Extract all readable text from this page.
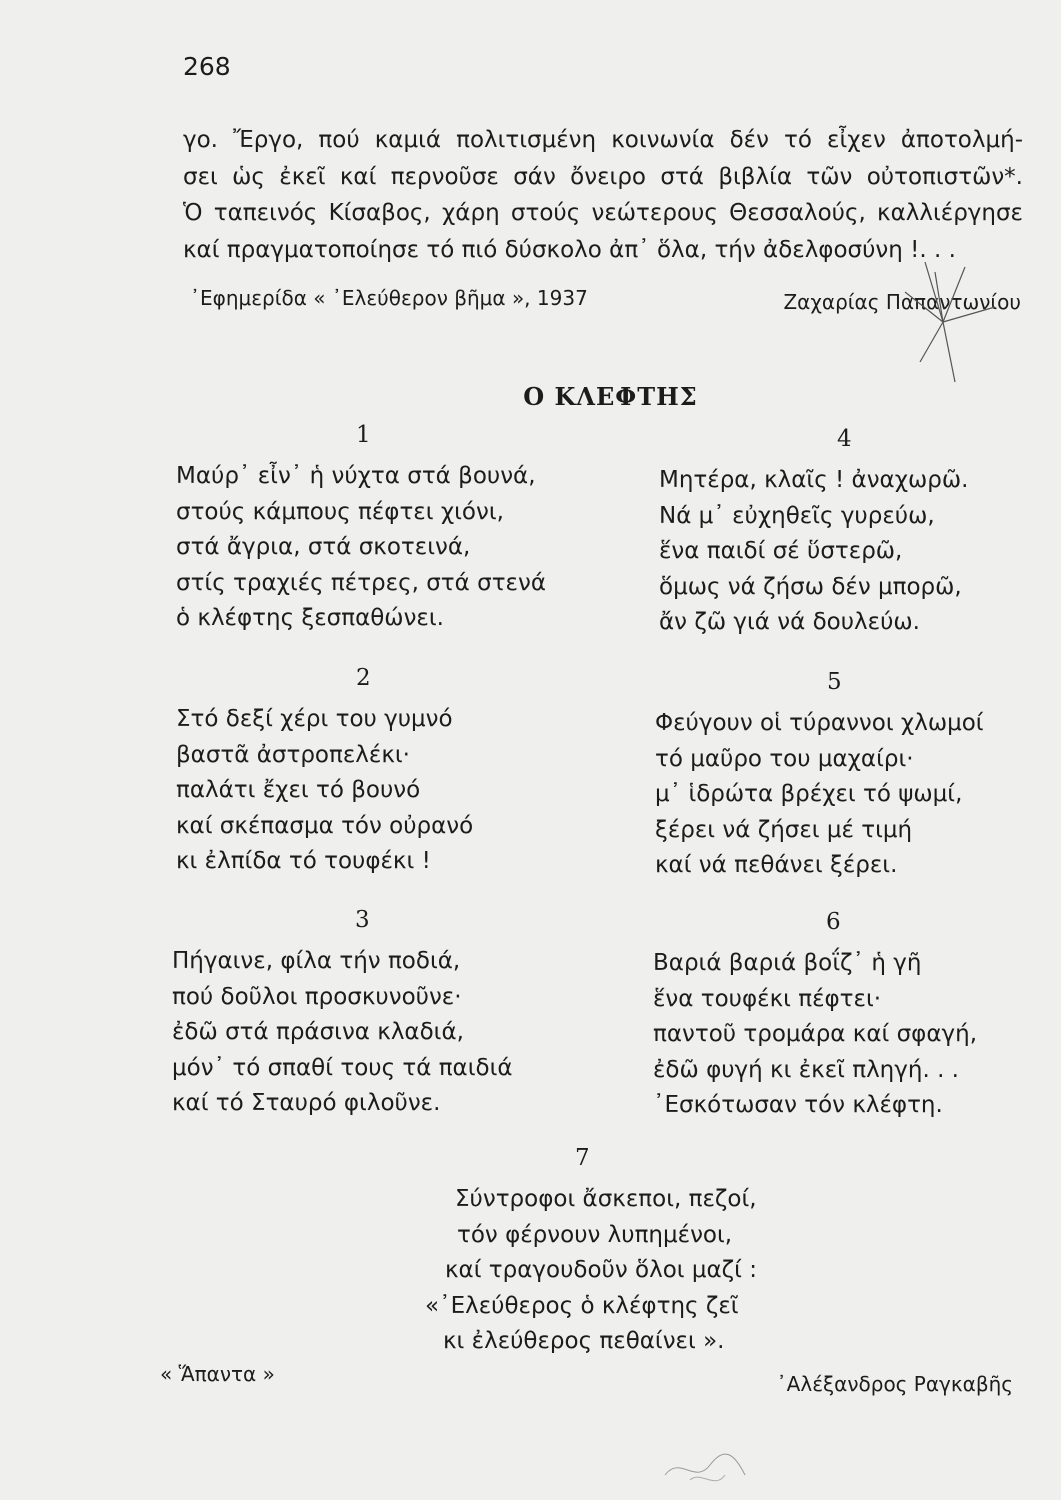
268
γο. Ἔργο, πού καμιά πολιτισμένη κοινωνία δέν τό εἶχεν ἀποτολμή-
σει ὡς ἐκεῖ καί περνοῦσε σάν ὄνειρο στά βιβλία τῶν οὐτοπιστῶν*.
Ὁ ταπεινός Κίσαβος, χάρη στούς νεώτερους Θεσσαλούς, καλλιέργησε
καί πραγματοποίησε τό πιό δύσκολο ἀπ᾿ ὅλα, τήν ἀδελφοσύνη !. . .
᾿Εφημερίδα « ᾿Ελεύθερον βῆμα », 1937	Ζαχαρίας Παπαντωνίου
Ο ΚΛΕΦΤΗΣ
1
Μαύρ᾿ εἶν᾿ ἡ νύχτα στά βουνά,
στούς κάμπους πέφτει χιόνι,
στά ἄγρια, στά σκοτεινά,
στίς τραχιές πέτρες, στά στενά
ὁ κλέφτης ξεσπαθώνει.
2
Στό δεξί χέρι του γυμνό
βαστᾶ ἀστροπελέκι·
παλάτι ἔχει τό βουνό
καί σκέπασμα τόν οὐρανό
κι ἐλπίδα τό τουφέκι !
3
Πήγαινε, φίλα τήν ποδιά,
πού δοῦλοι προσκυνοῦνε·
ἐδῶ στά πράσινα κλαδιά,
μόν᾿ τό σπαθί τους τά παιδιά
καί τό Σταυρό φιλοῦνε.
4
Μητέρα, κλαῖς ! ἀναχωρῶ.
Νά μ᾿ εὐχηθεῖς γυρεύω,
ἕνα παιδί σέ ὕστερῶ,
ὅμως νά ζήσω δέν μπορῶ,
ἄν ζῶ γιά νά δουλεύω.
5
Φεύγουν οἱ τύραννοι χλωμοί
τό μαῦρο του μαχαίρι·
μ᾿ ἱδρώτα βρέχει τό ψωμί,
ξέρει νά ζήσει μέ τιμή
καί νά πεθάνει ξέρει.
6
Βαριά βαριά βοΐζ᾿ ἡ γῆ
ἕνα τουφέκι πέφτει·
παντοῦ τρομάρα καί σφαγή,
ἐδῶ φυγή κι ἐκεῖ πληγή. . .
᾿Εσκότωσαν τόν κλέφτη.
7
Σύντροφοι ἄσκεποι, πεζοί,
τόν φέρνουν λυπημένοι,
καί τραγουδοῦν ὅλοι μαζί :
«᾿Ελεύθερος ὁ κλέφτης ζεῖ
κι ἐλεύθερος πεθαίνει ».
« Ἅπαντα »	᾿Αλέξανδρος Ραγκαβῆς
